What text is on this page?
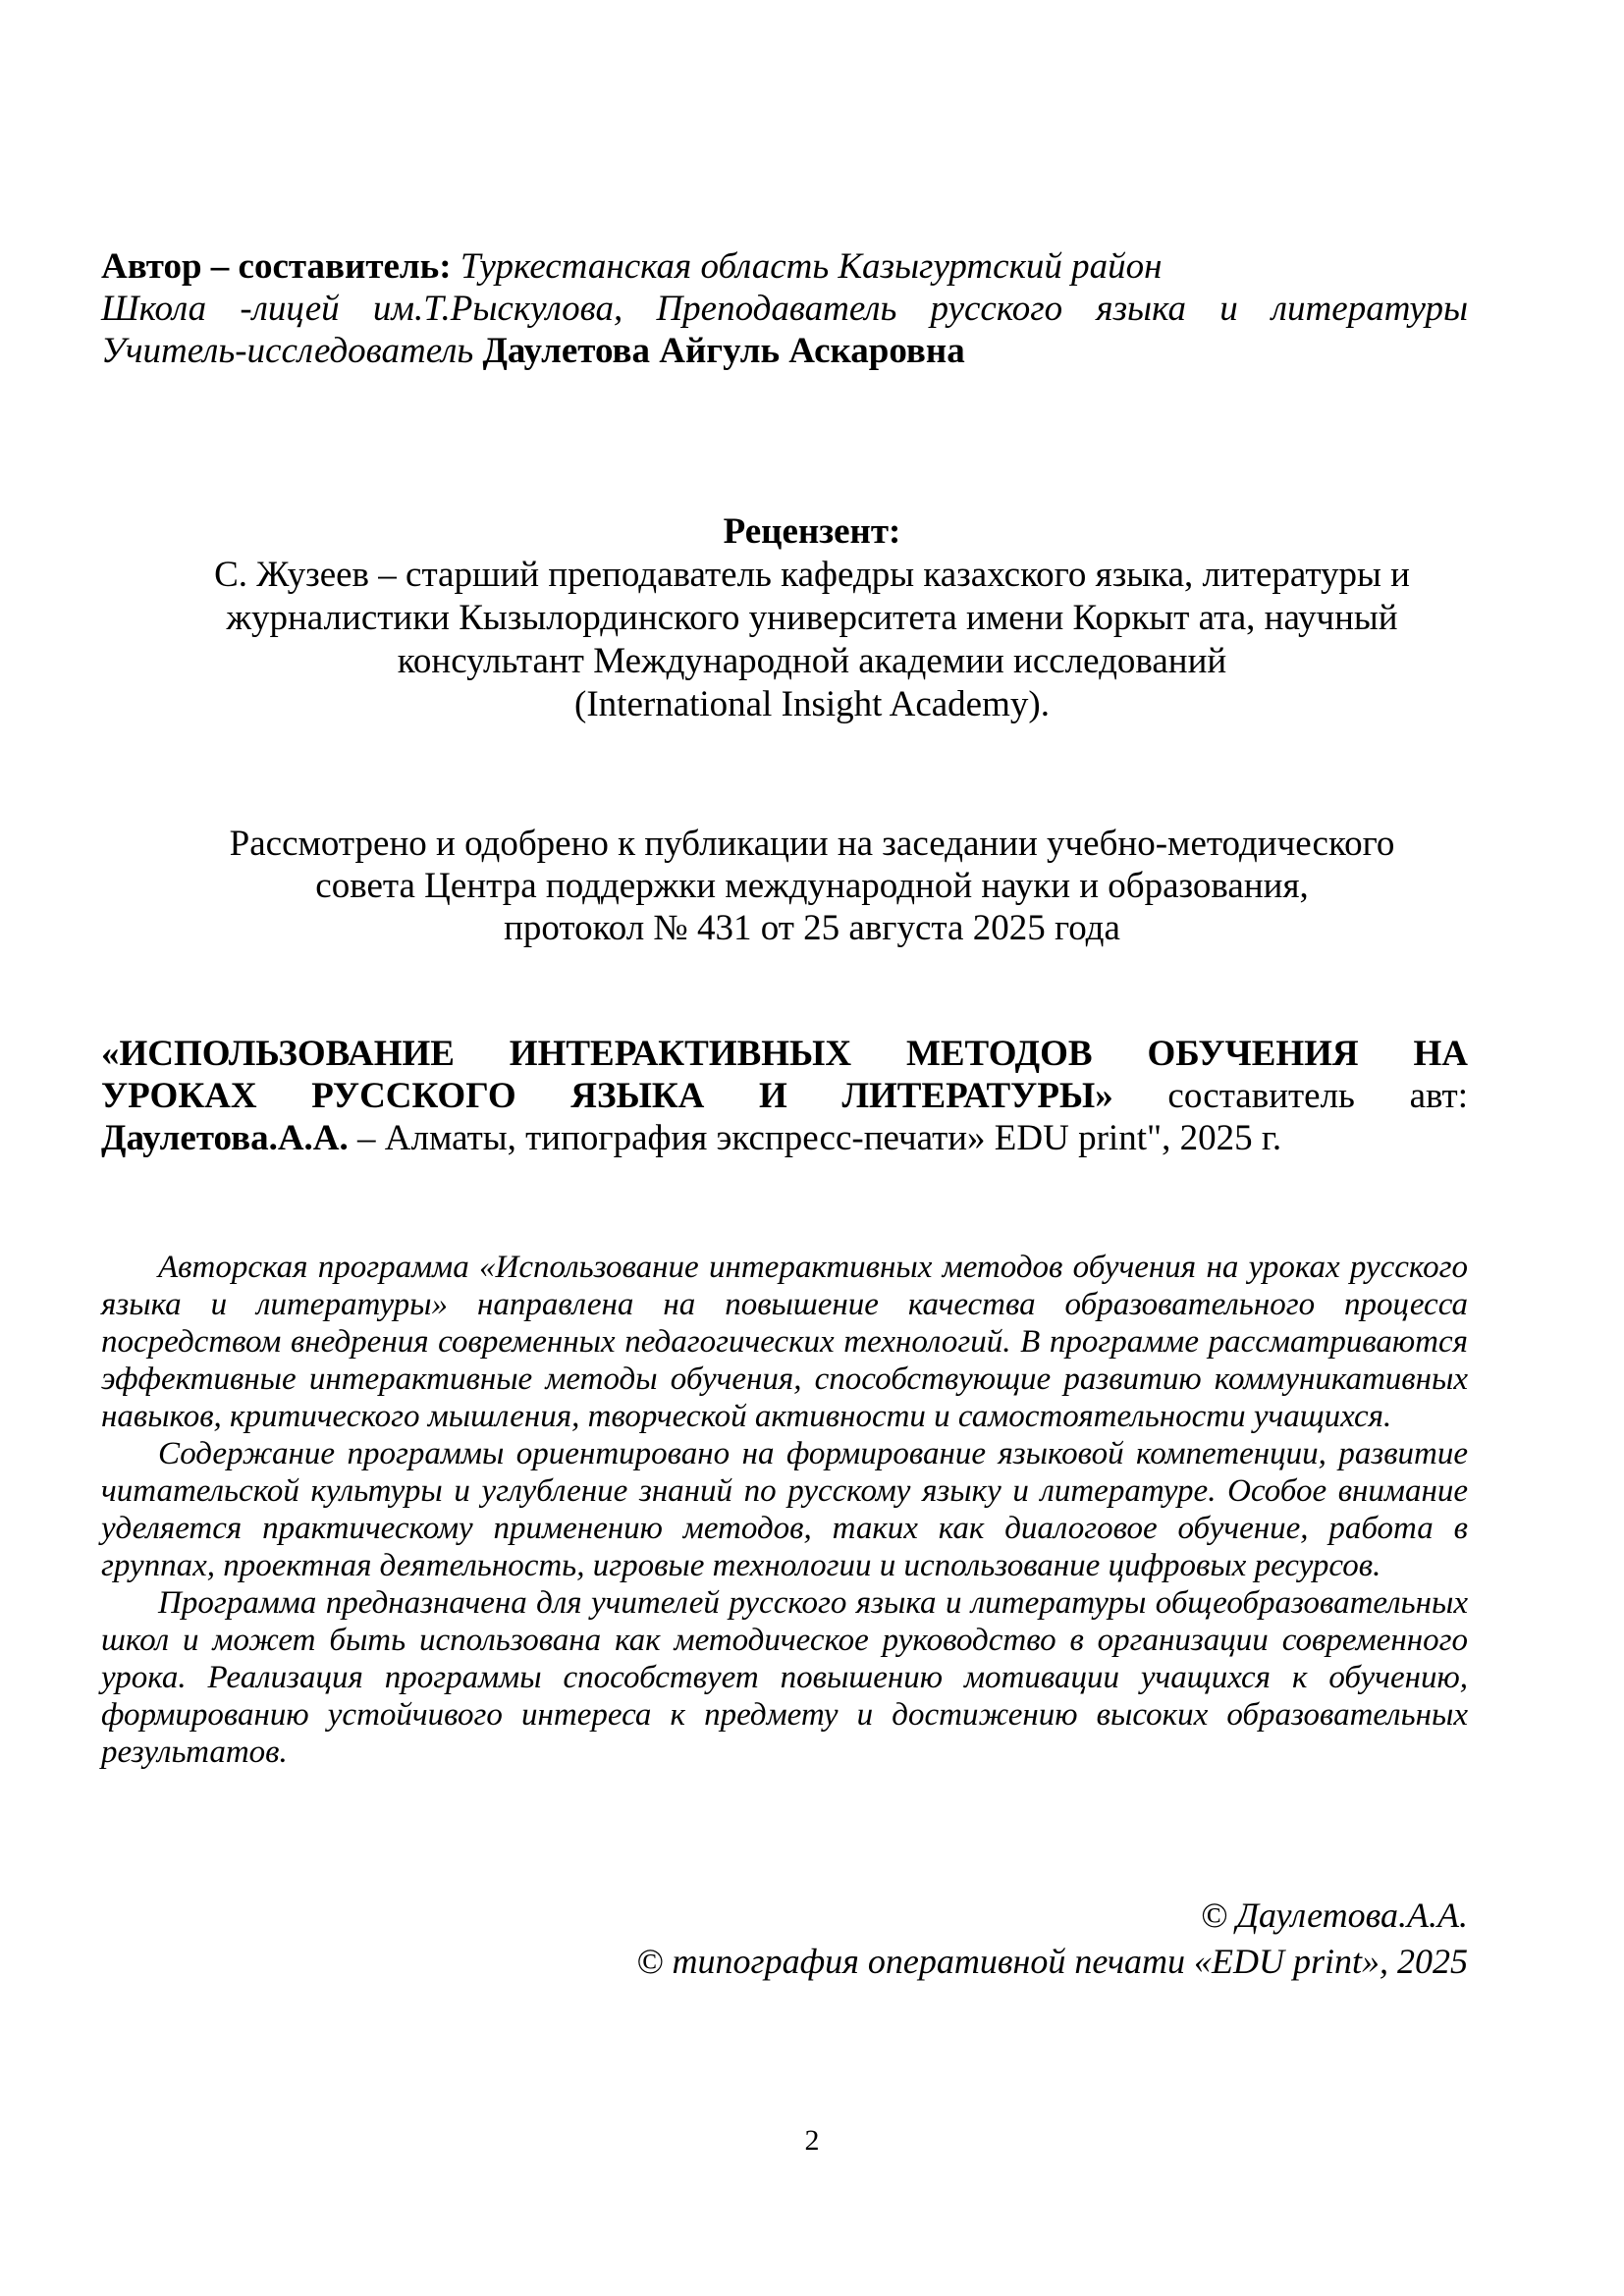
Автор – составитель: Туркестанская область Казыгуртский район
Школа -лицей им.Т.Рыскулова, Преподаватель русского языка и литературы
Учитель-исследователь Даулетова Айгуль Аскаровна
Рецензент:
С. Жузеев – старший преподаватель кафедры казахского языка, литературы и
журналистики Кызылординского университета имени Коркыт ата, научный
консультант Международной академии исследований
(International Insight Academy).
Рассмотрено и одобрено к публикации на заседании учебно-методического
совета Центра поддержки международной науки и образования,
протокол № 431 от 25 августа 2025 года
«ИСПОЛЬЗОВАНИЕ ИНТЕРАКТИВНЫХ МЕТОДОВ ОБУЧЕНИЯ НА
УРОКАХ РУССКОГО ЯЗЫКА И ЛИТЕРАТУРЫ» составитель авт:
Даулетова.А.А. – Алматы, типография экспресс-печати» EDU print", 2025 г.

Авторская программа «Использование интерактивных методов обучения на уроках русского языка и литературы» направлена на повышение качества образовательного процесса посредством внедрения современных педагогических технологий. В программе рассматриваются эффективные интерактивные методы обучения, способствующие развитию коммуникативных навыков, критического мышления, творческой активности и самостоятельности учащихся.

Содержание программы ориентировано на формирование языковой компетенции, развитие читательской культуры и углубление знаний по русскому языку и литературе. Особое внимание уделяется практическому применению методов, таких как диалоговое обучение, работа в группах, проектная деятельность, игровые технологии и использование цифровых ресурсов.

Программа предназначена для учителей русского языка и литературы общеобразовательных школ и может быть использована как методическое руководство в организации современного урока. Реализация программы способствует повышению мотивации учащихся к обучению, формированию устойчивого интереса к предмету и достижению высоких образовательных результатов.

© Даулетова.А.А.
© типография оперативной печати «EDU print», 2025
2
